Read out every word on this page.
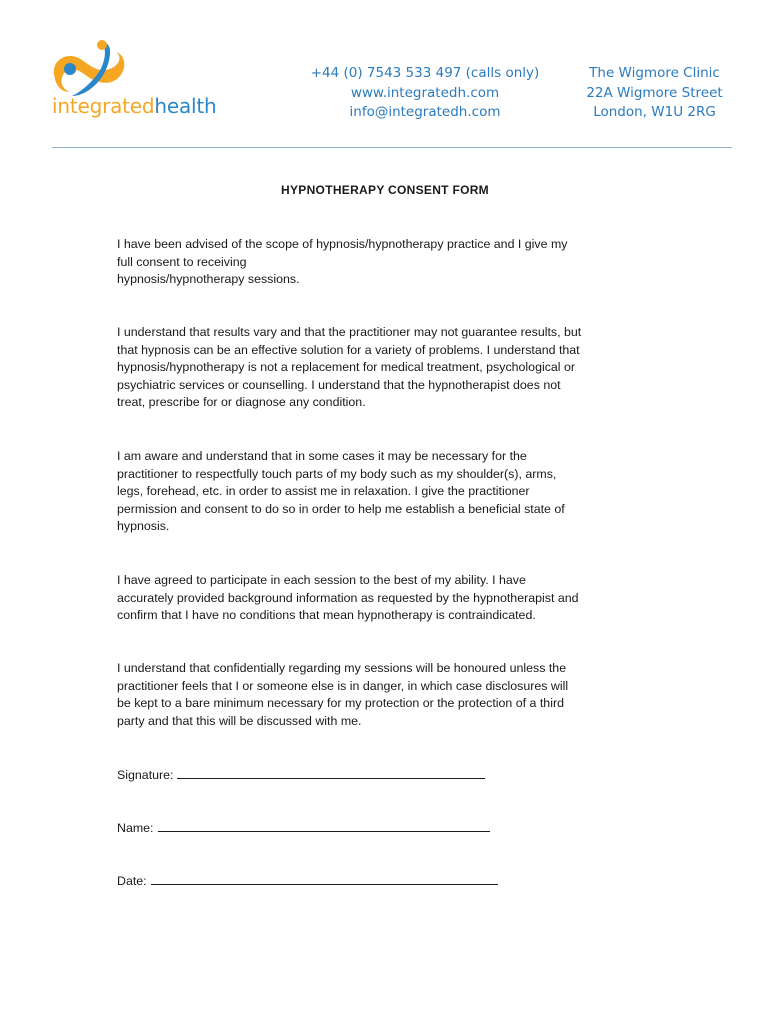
integratedhealth
+44 (0) 7543 533 497 (calls only)
www.integratedh.com
info@integratedh.com
The Wigmore Clinic
22A Wigmore Street
London, W1U 2RG
HYPNOTHERAPY CONSENT FORM
I have been advised of the scope of hypnosis/hypnotherapy practice and I give my
full consent to receiving
hypnosis/hypnotherapy sessions.
I understand that results vary and that the practitioner may not guarantee results, but
that hypnosis can be an effective solution for a variety of problems. I understand that
hypnosis/hypnotherapy is not a replacement for medical treatment, psychological or
psychiatric services or counselling. I understand that the hypnotherapist does not
treat, prescribe for or diagnose any condition.
I am aware and understand that in some cases it may be necessary for the
practitioner to respectfully touch parts of my body such as my shoulder(s), arms,
legs, forehead, etc. in order to assist me in relaxation. I give the practitioner
permission and consent to do so in order to help me establish a beneficial state of
hypnosis.
I have agreed to participate in each session to the best of my ability. I have
accurately provided background information as requested by the hypnotherapist and
confirm that I have no conditions that mean hypnotherapy is contraindicated.
I understand that confidentially regarding my sessions will be honoured unless the
practitioner feels that I or someone else is in danger, in which case disclosures will
be kept to a bare minimum necessary for my protection or the protection of a third
party and that this will be discussed with me.
Signature:
Name:
Date:
